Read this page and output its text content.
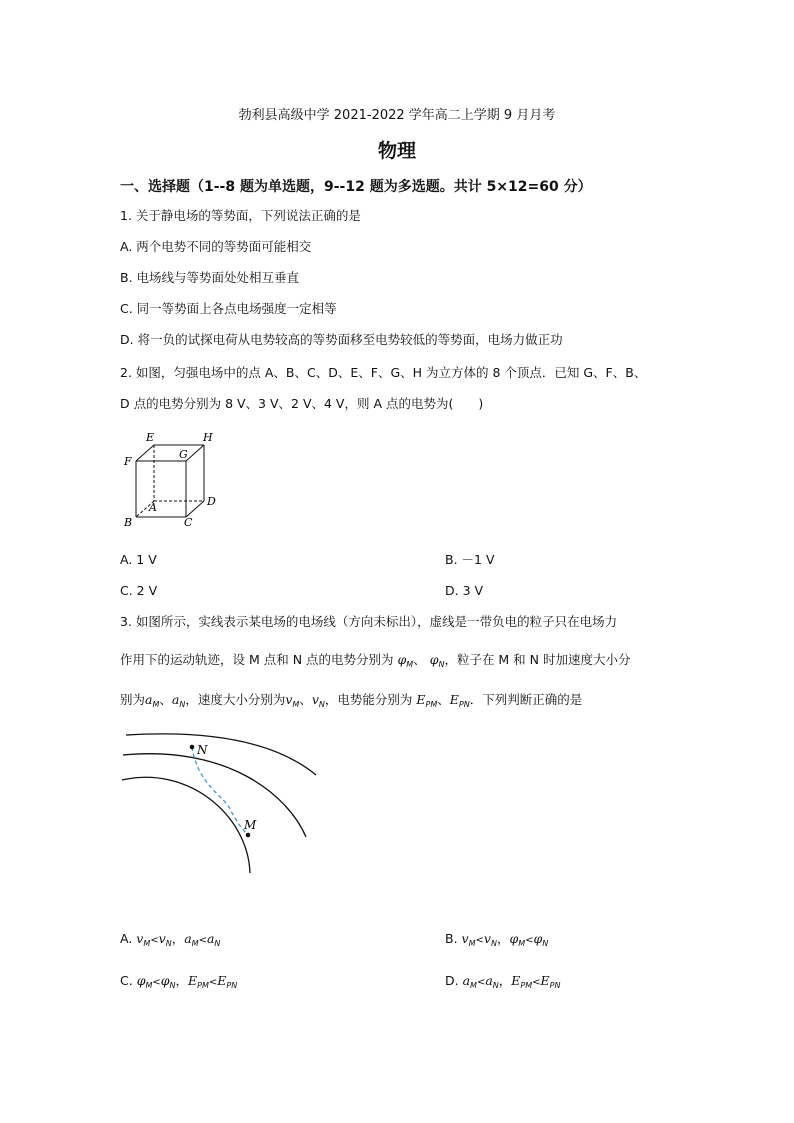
勃利县高级中学 2021-2022 学年高二上学期 9 月月考
物理
一、选择题（1--8 题为单选题，9--12 题为多选题。共计 5×12=60 分）
1. 关于静电场的等势面，下列说法正确的是
A. 两个电势不同的等势面可能相交
B. 电场线与等势面处处相互垂直
C. 同一等势面上各点电场强度一定相等
D. 将一负的试探电荷从电势较高的等势面移至电势较低的等势面，电场力做正功
2. 如图，匀强电场中的点 A、B、C、D、E、F、G、H 为立方体的 8 个顶点．已知 G、F、B、
D 点的电势分别为 8 V、3 V、2 V、4 V，则 A 点的电势为(　　)
E	H
F
G
A	D
B	C
A. 1 V	B. －1 V
C. 2 V	D. 3 V
3. 如图所示，实线表示某电场的电场线（方向未标出），虚线是一带负电的粒子只在电场力
作用下的运动轨迹，设 M 点和 N 点的电势分别为 $\varphi_M$、 $\varphi_N$，粒子在 M 和 N 时加速度大小分
别为$a_M$、$a_N$，速度大小分别为$v_M$、$v_N$，电势能分别为 $E_{PM}$、$E_{PN}$．下列判断正确的是
N
M
A. $v_M<v_N$，$a_M<a_N$	B. $v_M<v_N$，$\varphi_M<\varphi_N$
C. $\varphi_M<\varphi_N$，$E_{PM}<E_{PN}$	D. $a_M<a_N$，$E_{PM}<E_{PN}$
